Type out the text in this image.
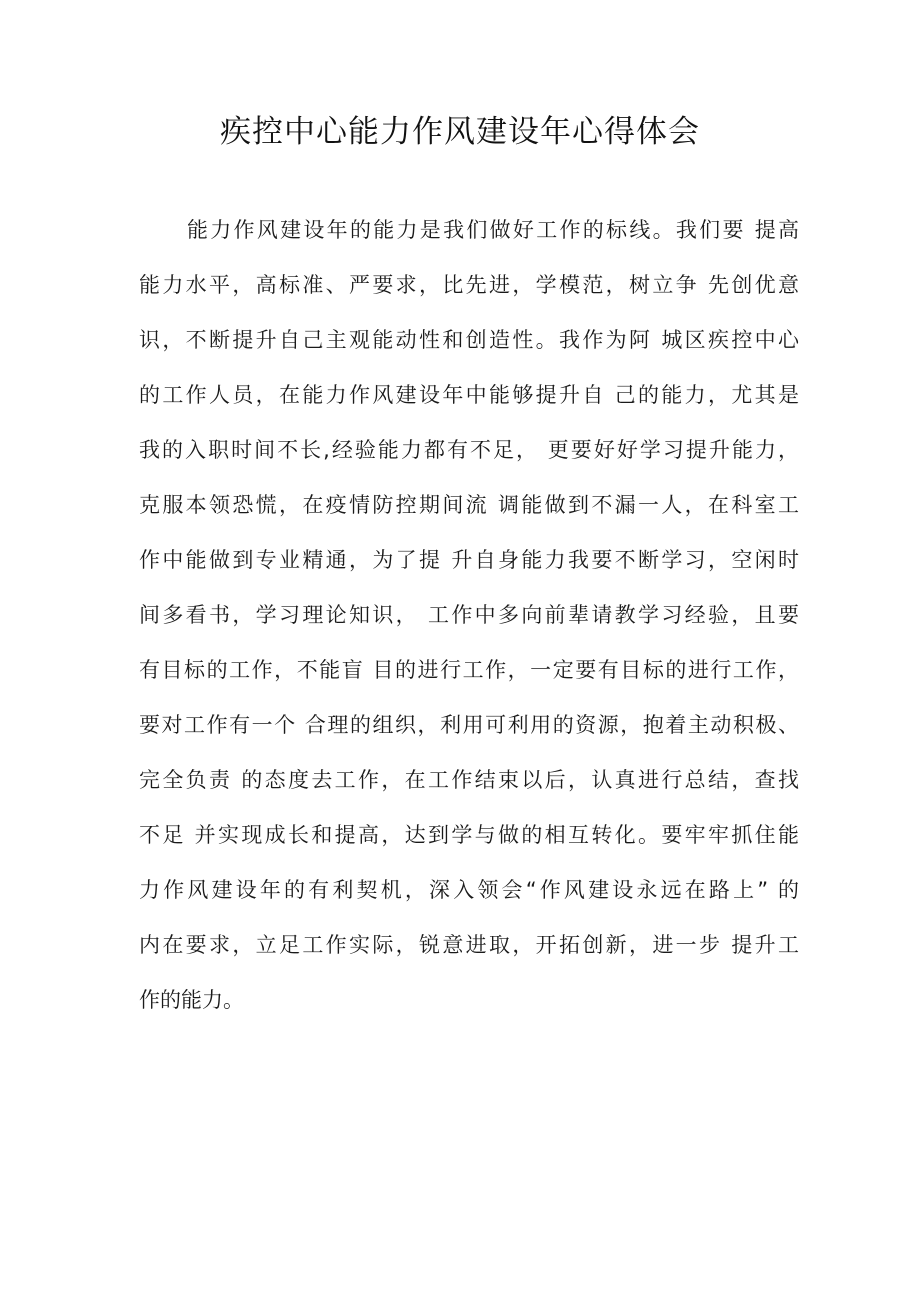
疾控中心能力作风建设年心得体会
能力作风建设年的能力是我们做好工作的标线。我们要 提高
能力水平，高标准、严要求，比先进，学模范，树立争 先创优意
识，不断提升自己主观能动性和创造性。我作为阿 城区疾控中心
的工作人员，在能力作风建设年中能够提升自 己的能力，尤其是
我的入职时间不长,经验能力都有不足， 更要好好学习提升能力，
克服本领恐慌，在疫情防控期间流 调能做到不漏一人，在科室工
作中能做到专业精通，为了提 升自身能力我要不断学习，空闲时
间多看书，学习理论知识， 工作中多向前辈请教学习经验，且要
有目标的工作，不能盲 目的进行工作，一定要有目标的进行工作，
要对工作有一个 合理的组织，利用可利用的资源，抱着主动积极、
完全负责 的态度去工作，在工作结束以后，认真进行总结，查找
不足 并实现成长和提高，达到学与做的相互转化。要牢牢抓住能
力作风建设年的有利契机，深入领会“作风建设永远在路上” 的
内在要求，立足工作实际，锐意进取，开拓创新，进一步 提升工
作的能力。
